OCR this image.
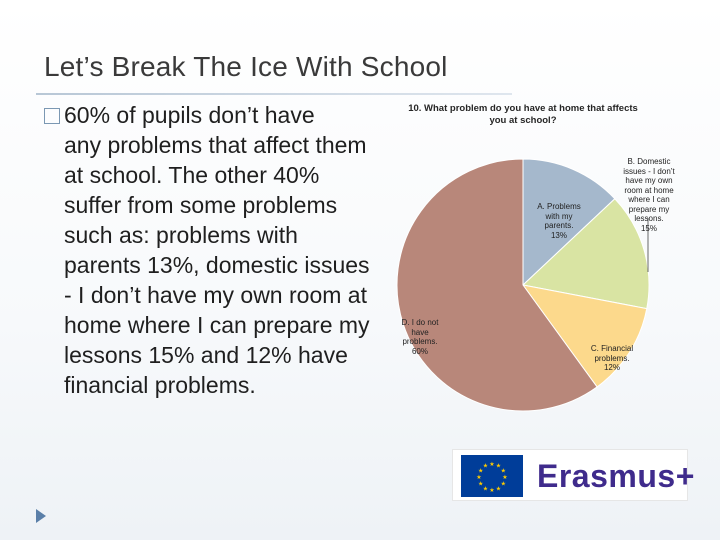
Let’s Break The Ice With School
60% of pupils don’t have
any problems that affect them at school. The other 40% suffer from some problems such as: problems with parents 13%, domestic issues - I don’t have my own room at home where I can prepare my lessons 15% and 12% have financial problems.
10. What problem do you have at home that affects you at school?
A. Problems with my parents.
13%
B. Domestic issues - I don’t have my own room at home where I can prepare my lessons.
15%
C. Financial problems.
12%
D. I do not have problems.
60%
★
★
★
★
★
★
★
★
★ ★ ★
★ Erasmus+
